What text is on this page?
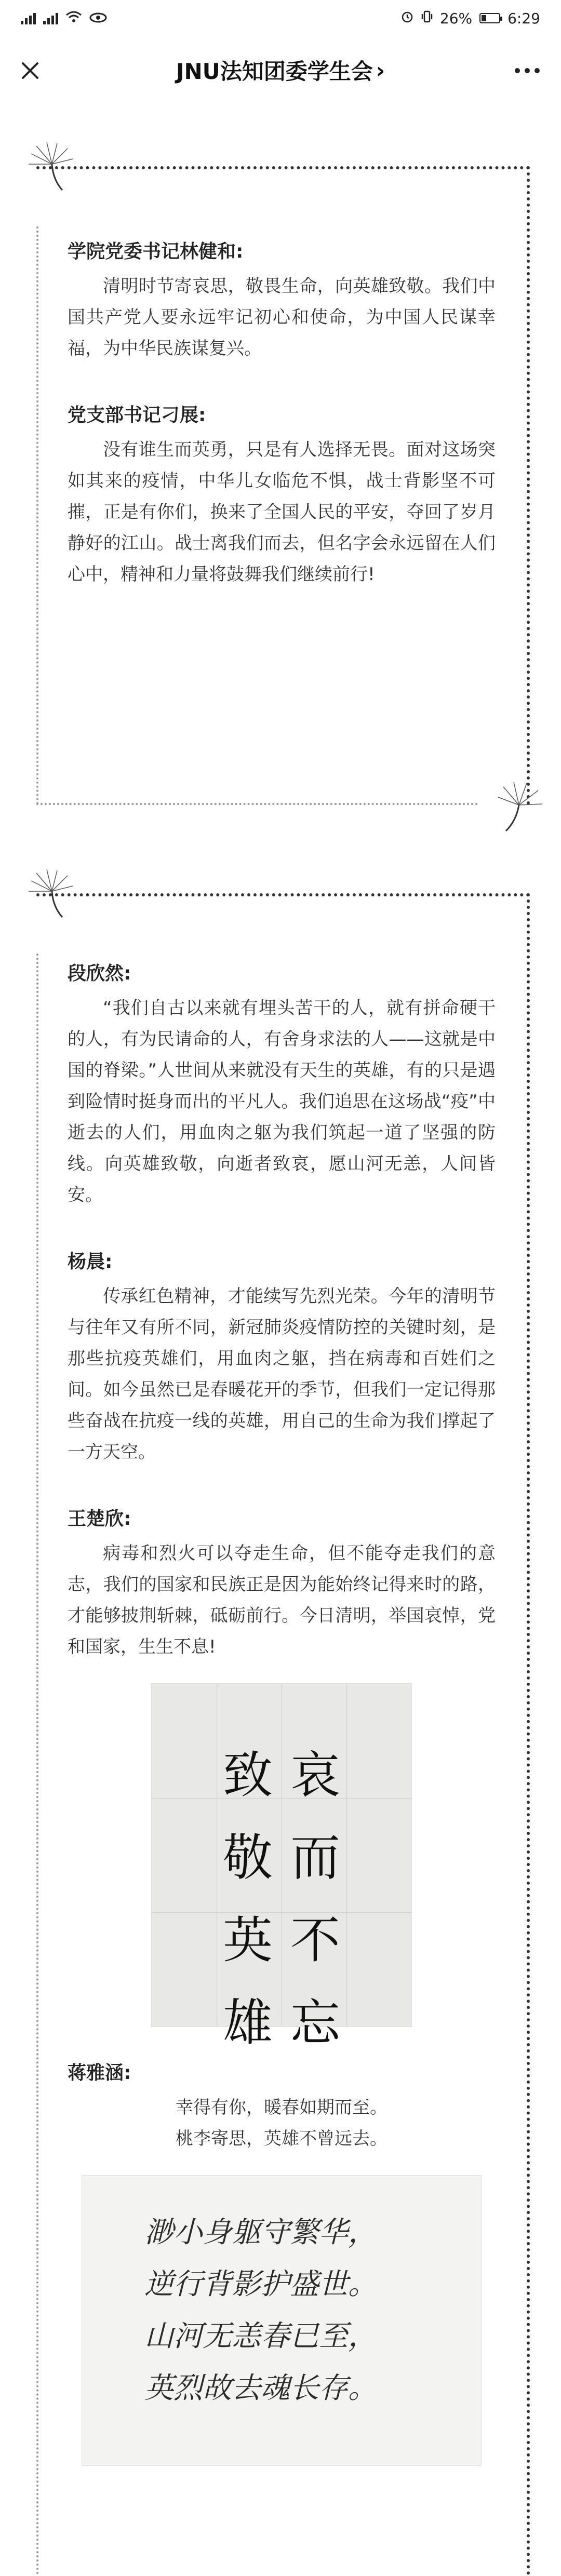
26% 6:29
JNU法知团委学生会 ›
学院党委书记林健和:
清明时节寄哀思，敬畏生命，向英雄致敬。我们中国共产党人要永远牢记初心和使命，为中国人民谋幸福，为中华民族谋复兴。
党支部书记刁展:
没有谁生而英勇，只是有人选择无畏。面对这场突如其来的疫情，中华儿女临危不惧，战士背影坚不可摧，正是有你们，换来了全国人民的平安，夺回了岁月静好的江山。战士离我们而去，但名字会永远留在人们心中，精神和力量将鼓舞我们继续前行!
段欣然:
“我们自古以来就有埋头苦干的人，就有拼命硬干的人，有为民请命的人，有舍身求法的人——这就是中国的脊梁。”人世间从来就没有天生的英雄，有的只是遇到险情时挺身而出的平凡人。我们追思在这场战“疫”中逝去的人们，用血肉之躯为我们筑起一道了坚强的防线。向英雄致敬，向逝者致哀，愿山河无恙，人间皆安。
杨晨:
传承红色精神，才能续写先烈光荣。今年的清明节与往年又有所不同，新冠肺炎疫情防控的关键时刻，是那些抗疫英雄们，用血肉之躯，挡在病毒和百姓们之间。如今虽然已是春暖花开的季节，但我们一定记得那些奋战在抗疫一线的英雄，用自己的生命为我们撑起了一方天空。
王楚欣:
病毒和烈火可以夺走生命，但不能夺走我们的意志，我们的国家和民族正是因为能始终记得来时的路，才能够披荆斩棘，砥砺前行。今日清明，举国哀悼，党和国家，生生不息!
哀
而
不
忘
致
敬
英
雄
蒋雅涵:
幸得有你，暖春如期而至。
桃李寄思，英雄不曾远去。
渺小身躯守繁华，
逆行背影护盛世。
山河无恙春已至，
英烈故去魂长存。
